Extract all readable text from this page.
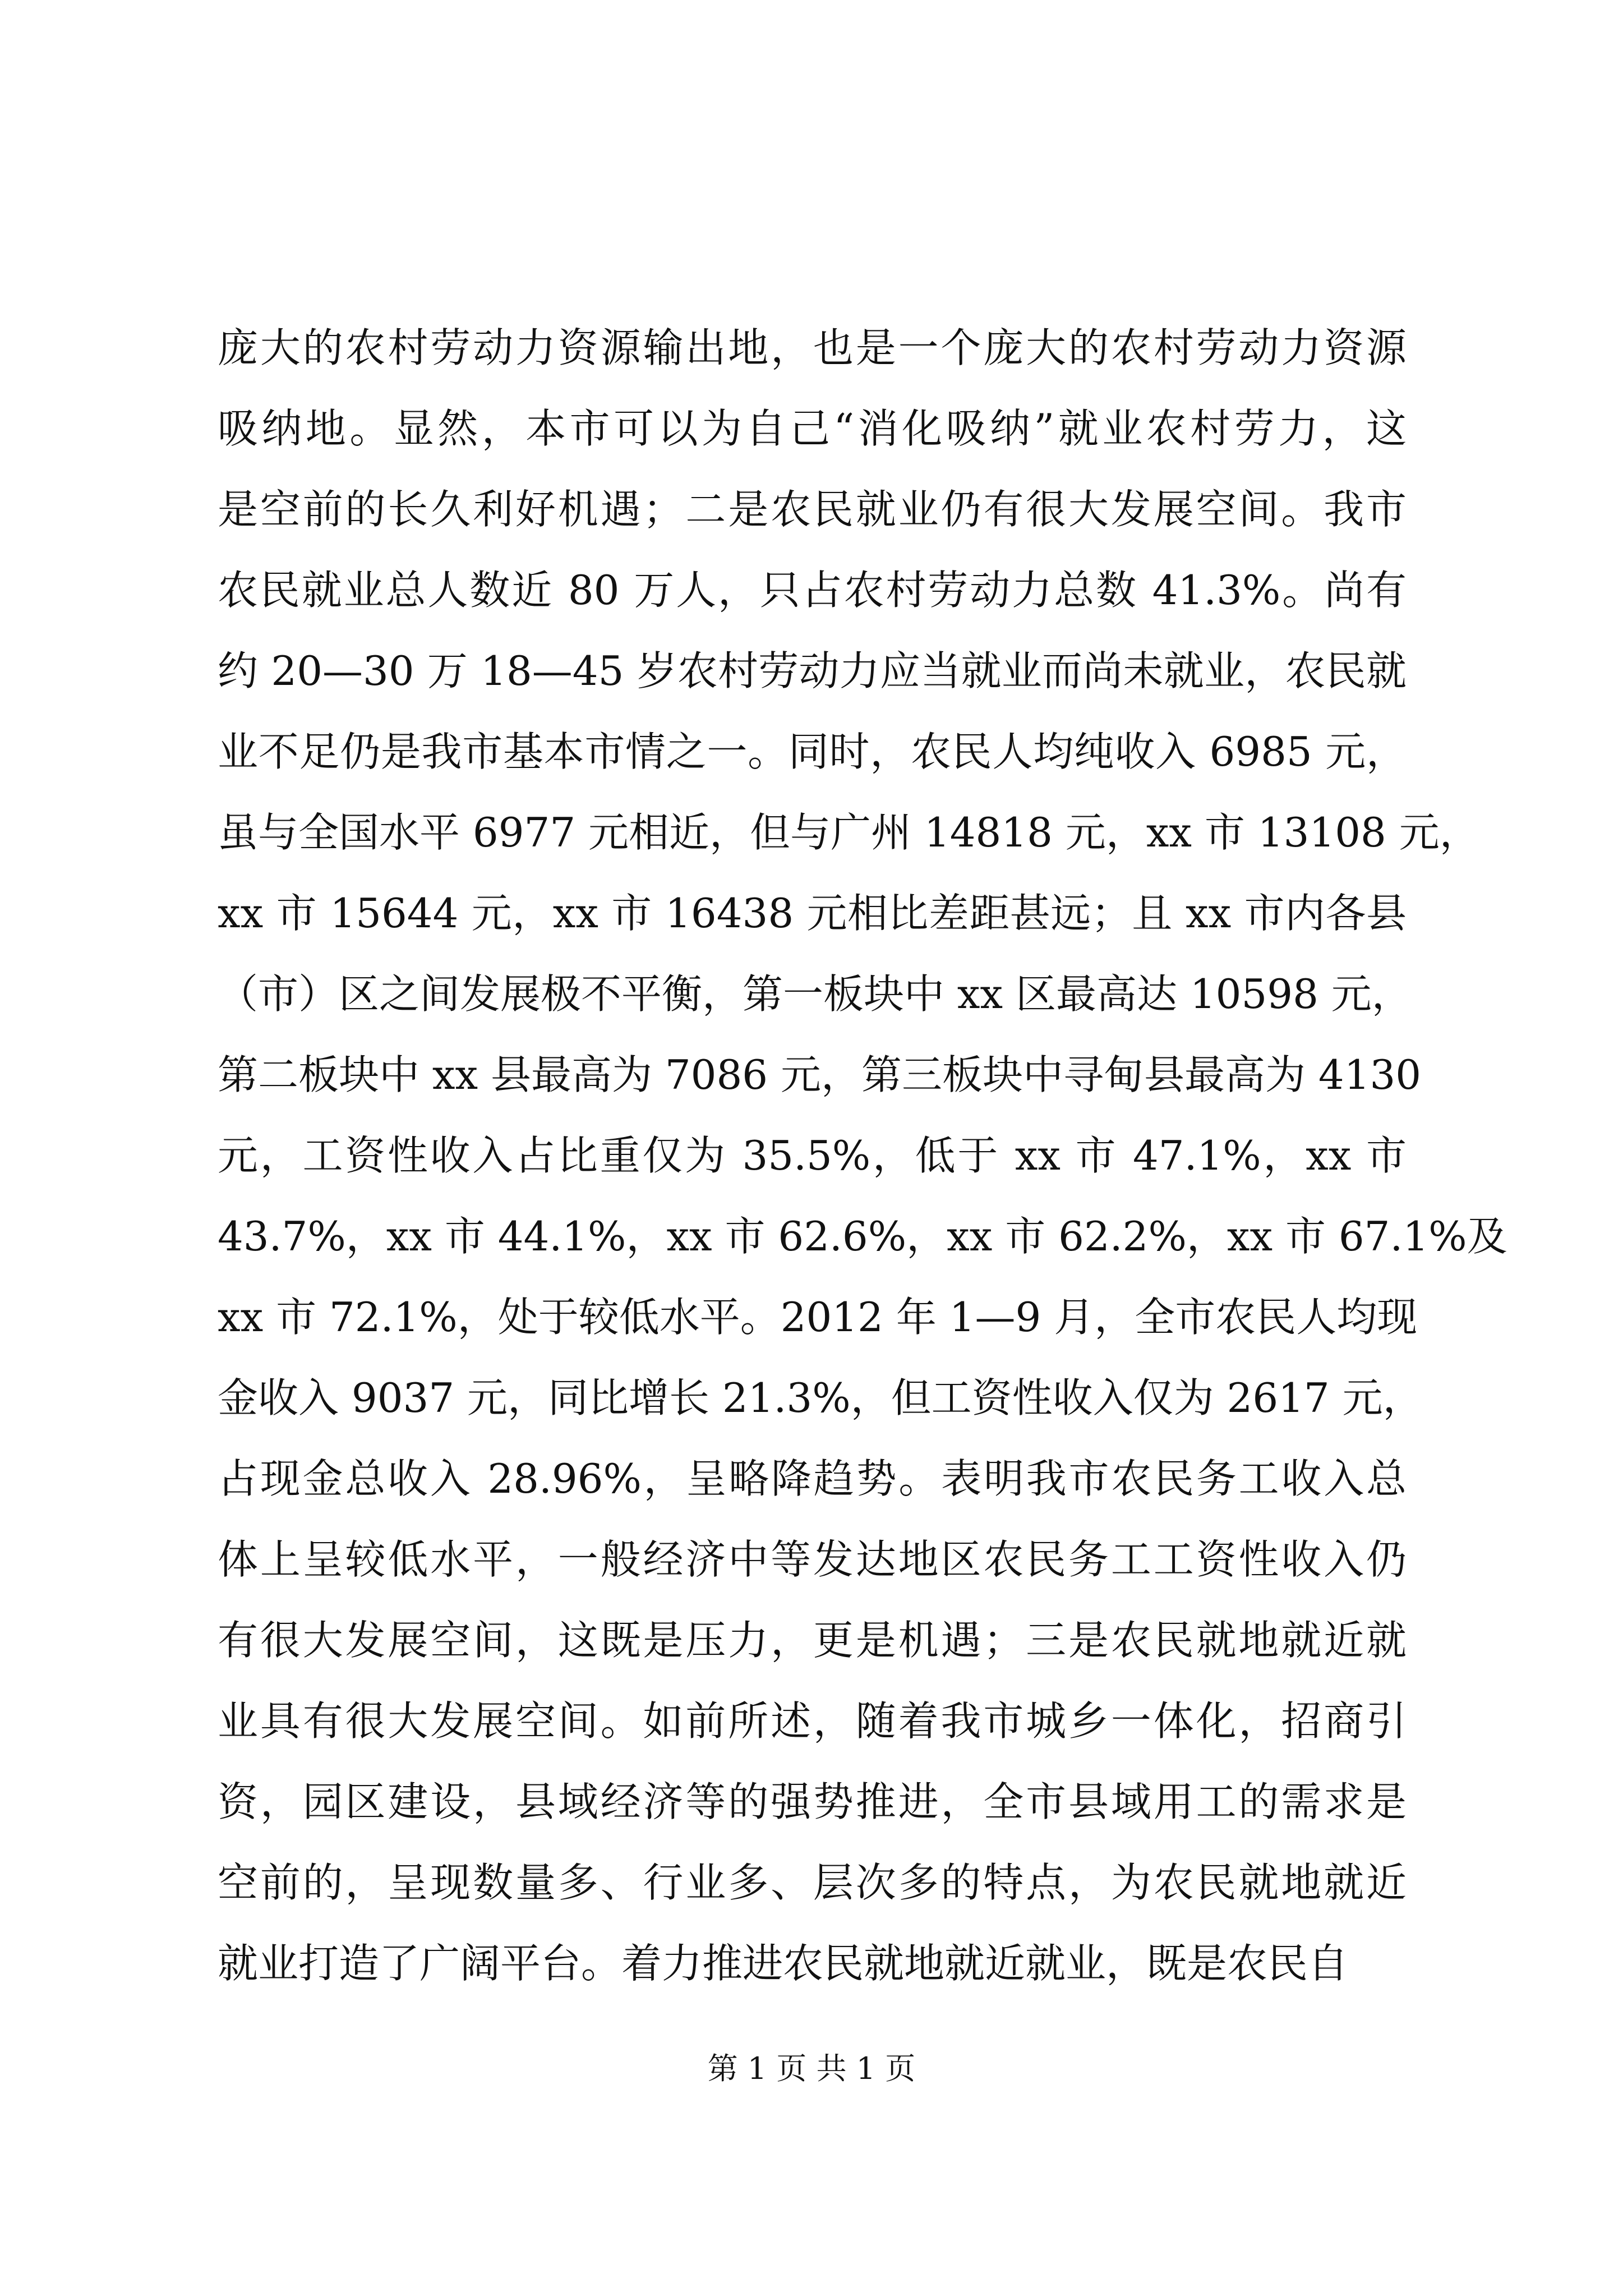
庞大的农村劳动力资源输出地，也是一个庞大的农村劳动力资源
吸纳地。显然，本市可以为自己“消化吸纳”就业农村劳力，这
是空前的长久利好机遇；二是农民就业仍有很大发展空间。我市
农民就业总人数近 80 万人，只占农村劳动力总数 41.3%。尚有
约 20—30 万 18—45 岁农村劳动力应当就业而尚未就业，农民就
业不足仍是我市基本市情之一。同时，农民人均纯收入 6985 元，
虽与全国水平 6977 元相近，但与广州 14818 元，xx 市 13108 元，
xx 市 15644 元，xx 市 16438 元相比差距甚远；且 xx 市内各县
（市）区之间发展极不平衡，第一板块中 xx 区最高达 10598 元，
第二板块中 xx 县最高为 7086 元，第三板块中寻甸县最高为 4130
元，工资性收入占比重仅为 35.5%，低于 xx 市 47.1%，xx 市
43.7%，xx 市 44.1%，xx 市 62.6%，xx 市 62.2%，xx 市 67.1%及
xx 市 72.1%，处于较低水平。2012 年 1—9 月，全市农民人均现
金收入 9037 元，同比增长 21.3%，但工资性收入仅为 2617 元，
占现金总收入 28.96%，呈略降趋势。表明我市农民务工收入总
体上呈较低水平，一般经济中等发达地区农民务工工资性收入仍
有很大发展空间，这既是压力，更是机遇；三是农民就地就近就
业具有很大发展空间。如前所述，随着我市城乡一体化，招商引
资，园区建设，县域经济等的强势推进，全市县域用工的需求是
空前的，呈现数量多、行业多、层次多的特点，为农民就地就近
就业打造了广阔平台。着力推进农民就地就近就业，既是农民自
第 1 页 共 1 页
